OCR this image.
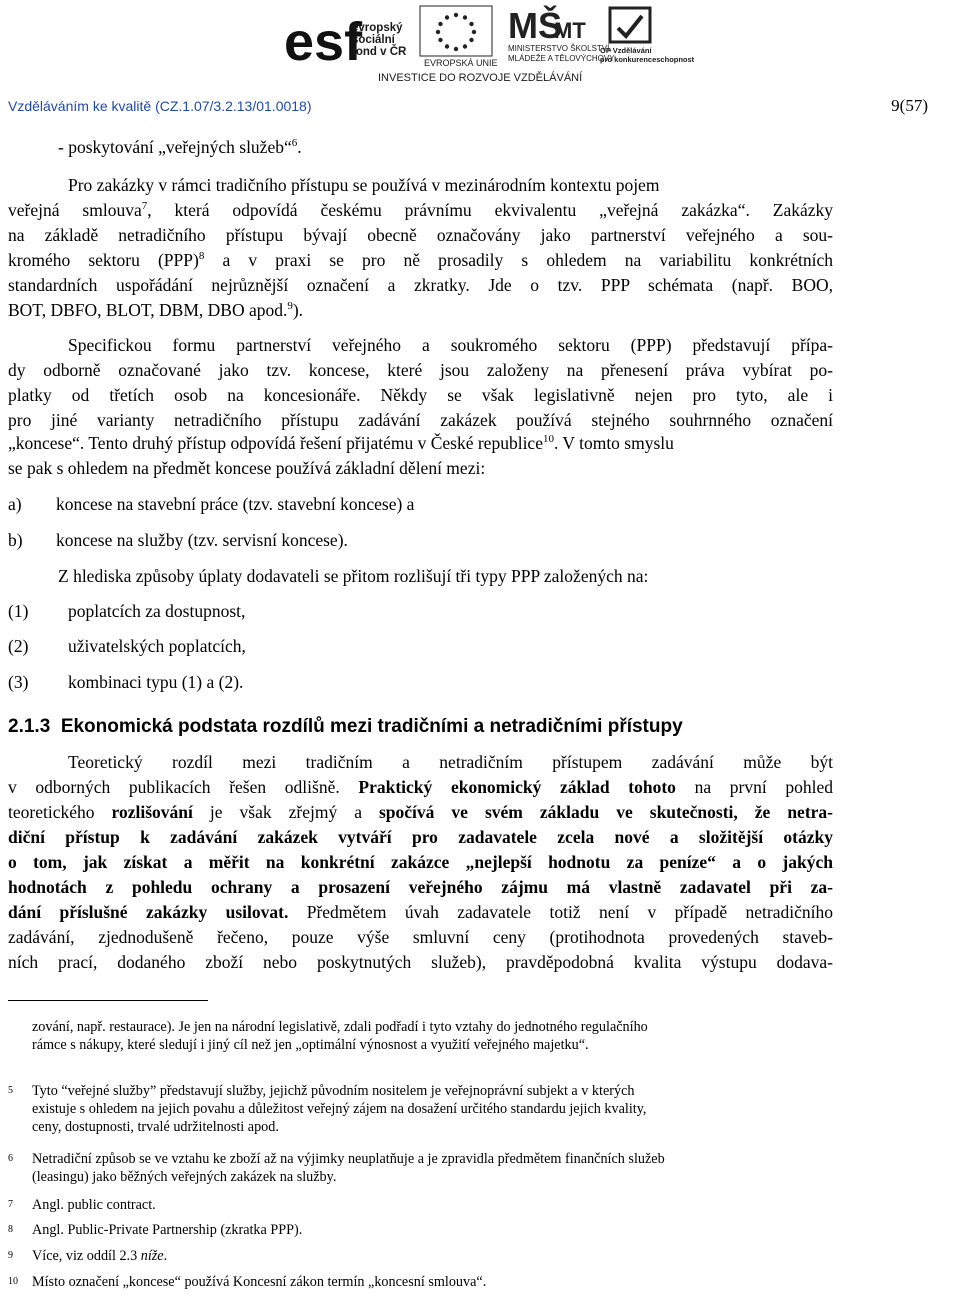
esf
evropský
sociální
fond v ČR
EVROPSKÁ UNIE
MŠ
MT
MINISTERSTVO ŠKOLSTVÍ,
MLÁDEŽE A TĚLOVÝCHOVY
OP Vzdělávání
pro konkurenceschopnost
INVESTICE DO ROZVOJE VZDĚLÁVÁNÍ
Vzděláváním ke kvalitě (CZ.1.07/3.2.13/01.0018)	9(57)
- poskytování „veřejných služeb“$^6$.
Pro zakázky v rámci tradičního přístupu se používá v mezinárodním kontextu pojem
veřejná smlouva$^7$, která odpovídá českému právnímu ekvivalentu „veřejná zakázka“. Zakázky
na základě netradičního přístupu bývají obecně označovány jako partnerství veřejného a sou-
kromého sektoru (PPP)$^8$ a v praxi se pro ně prosadily s ohledem na variabilitu konkrétních
standardních uspořádání nejrůznější označení a zkratky. Jde o tzv. PPP schémata (např. BOO,
BOT, DBFO, BLOT, DBM, DBO apod.$^9$).
Specifickou formu partnerství veřejného a soukromého sektoru (PPP) představují přípa-
dy odborně označované jako tzv. koncese, které jsou založeny na přenesení práva vybírat po-
platky od třetích osob na koncesionáře. Někdy se však legislativně nejen pro tyto, ale i
pro jiné varianty netradičního přístupu zadávání zakázek používá stejného souhrnného označení
„koncese“. Tento druhý přístup odpovídá řešení přijatému v České republice$^{10}$. V tomto smyslu
se pak s ohledem na předmět koncese používá základní dělení mezi:
a) koncese na stavební práce (tzv. stavební koncese) a
b) koncese na služby (tzv. servisní koncese).
Z hlediska způsoby úplaty dodavateli se přitom rozlišují tři typy PPP založených na:
(1) poplatcích za dostupnost,
(2) uživatelských poplatcích,
(3) kombinaci typu (1) a (2).
2.1.3  Ekonomická podstata rozdílů mezi tradičními a netradičními přístupy
Teoretický rozdíl mezi tradičním a netradičním přístupem zadávání může být
v odborných publikacích řešen odlišně. Praktický ekonomický základ tohoto na první pohled
teoretického rozlišování je však zřejmý a spočívá ve svém základu ve skutečnosti, že netra-
diční přístup k zadávání zakázek vytváří pro zadavatele zcela nové a složitější otázky
o tom, jak získat a měřit na konkrétní zakázce „nejlepší hodnotu za peníze“ a o jakých
hodnotách z pohledu ochrany a prosazení veřejného zájmu má vlastně zadavatel při za-
dání příslušné zakázky usilovat. Předmětem úvah zadavatele totiž není v případě netradičního
zadávání, zjednodušeně řečeno, pouze výše smluvní ceny (protihodnota provedených staveb-
ních prací, dodaného zboží nebo poskytnutých služeb), pravděpodobná kvalita výstupu dodava-
zování, např. restaurace). Je jen na národní legislativě, zdali podřadí i tyto vztahy do jednotného regulačního
rámce s nákupy, které sledují i jiný cíl než jen „optimální výnosnost a využití veřejného majetku“.
5 Tyto “veřejné služby” představují služby, jejichž původním nositelem je veřejnoprávní subjekt a v kterých
existuje s ohledem na jejich povahu a důležitost veřejný zájem na dosažení určitého standardu jejich kvality,
ceny, dostupnosti, trvalé udržitelnosti apod.
6 Netradiční způsob se ve vztahu ke zboží až na výjimky neuplatňuje a je zpravidla předmětem finančních služeb
(leasingu) jako běžných veřejných zakázek na služby.
7 Angl. public contract.
8 Angl. Public-Private Partnership (zkratka PPP).
9 Více, viz oddíl 2.3 níže.
10 Místo označení „koncese“ používá Koncesní zákon termín „koncesní smlouva“.
